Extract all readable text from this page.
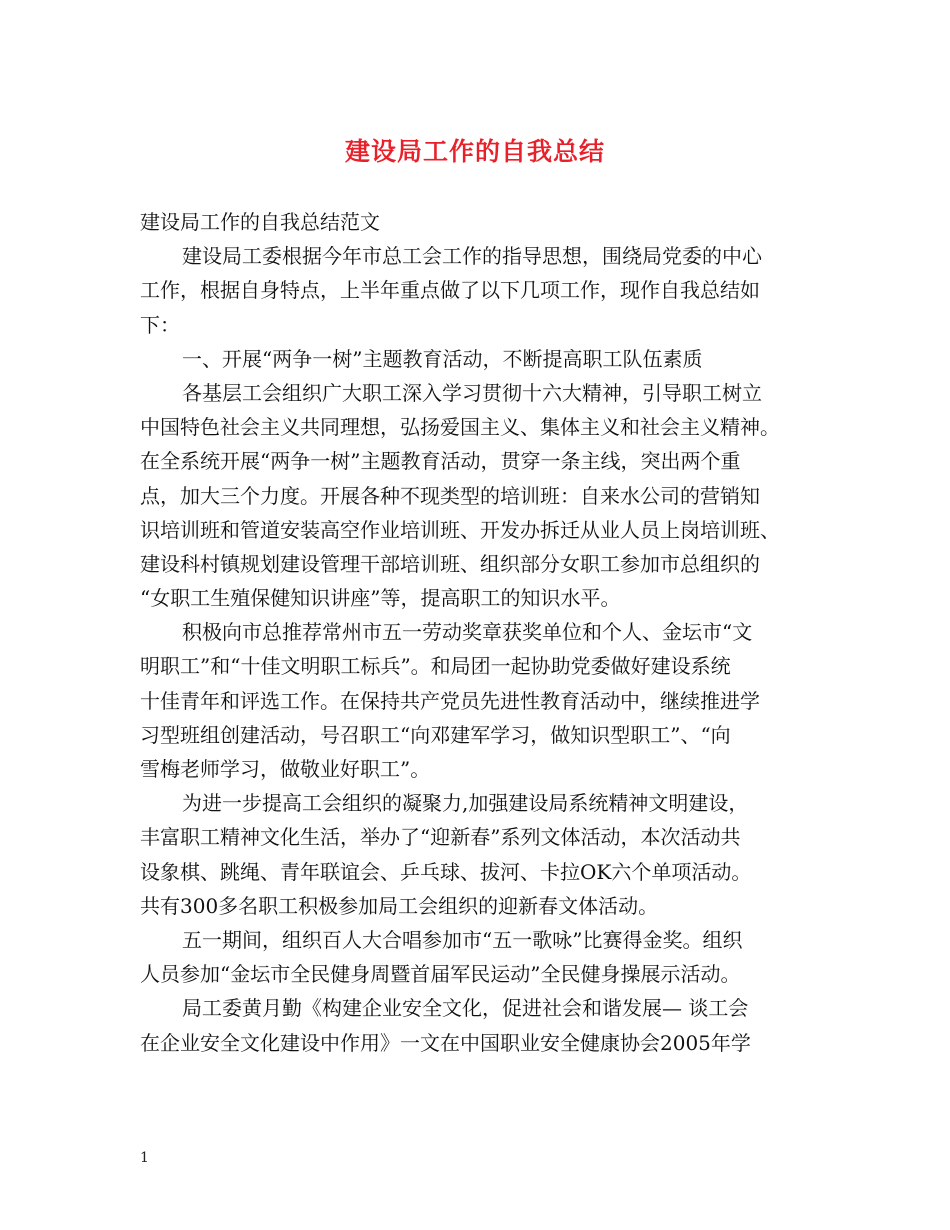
建设局工作的自我总结
建设局工作的自我总结范文
建设局工委根据今年市总工会工作的指导思想，围绕局党委的中心
工作，根据自身特点，上半年重点做了以下几项工作，现作自我总结如
下：
一、开展“两争一树”主题教育活动，不断提高职工队伍素质
各基层工会组织广大职工深入学习贯彻十六大精神，引导职工树立
中国特色社会主义共同理想，弘扬爱国主义、集体主义和社会主义精神。
在全系统开展“两争一树”主题教育活动，贯穿一条主线，突出两个重
点，加大三个力度。开展各种不现类型的培训班：自来水公司的营销知
识培训班和管道安装高空作业培训班、开发办拆迁从业人员上岗培训班、
建设科村镇规划建设管理干部培训班、组织部分女职工参加市总组织的
“女职工生殖保健知识讲座”等，提高职工的知识水平。
积极向市总推荐常州市五一劳动奖章获奖单位和个人、金坛市“文
明职工”和“十佳文明职工标兵”。和局团一起协助党委做好建设系统
十佳青年和评选工作。在保持共产党员先进性教育活动中，继续推进学
习型班组创建活动，号召职工“向邓建军学习，做知识型职工”、“向
雪梅老师学习，做敬业好职工”。
为进一步提高工会组织的凝聚力,加强建设局系统精神文明建设，
丰富职工精神文化生活，举办了“迎新春”系列文体活动，本次活动共
设象棋、跳绳、青年联谊会、乒乓球、拔河、卡拉OK六个单项活动。
共有300多名职工积极参加局工会组织的迎新春文体活动。
五一期间，组织百人大合唱参加市“五一歌咏”比赛得金奖。组织
人员参加“金坛市全民健身周暨首届军民运动”全民健身操展示活动。
局工委黄月勤《构建企业安全文化，促进社会和谐发展— 谈工会
在企业安全文化建设中作用》一文在中国职业安全健康协会2005年学
1
